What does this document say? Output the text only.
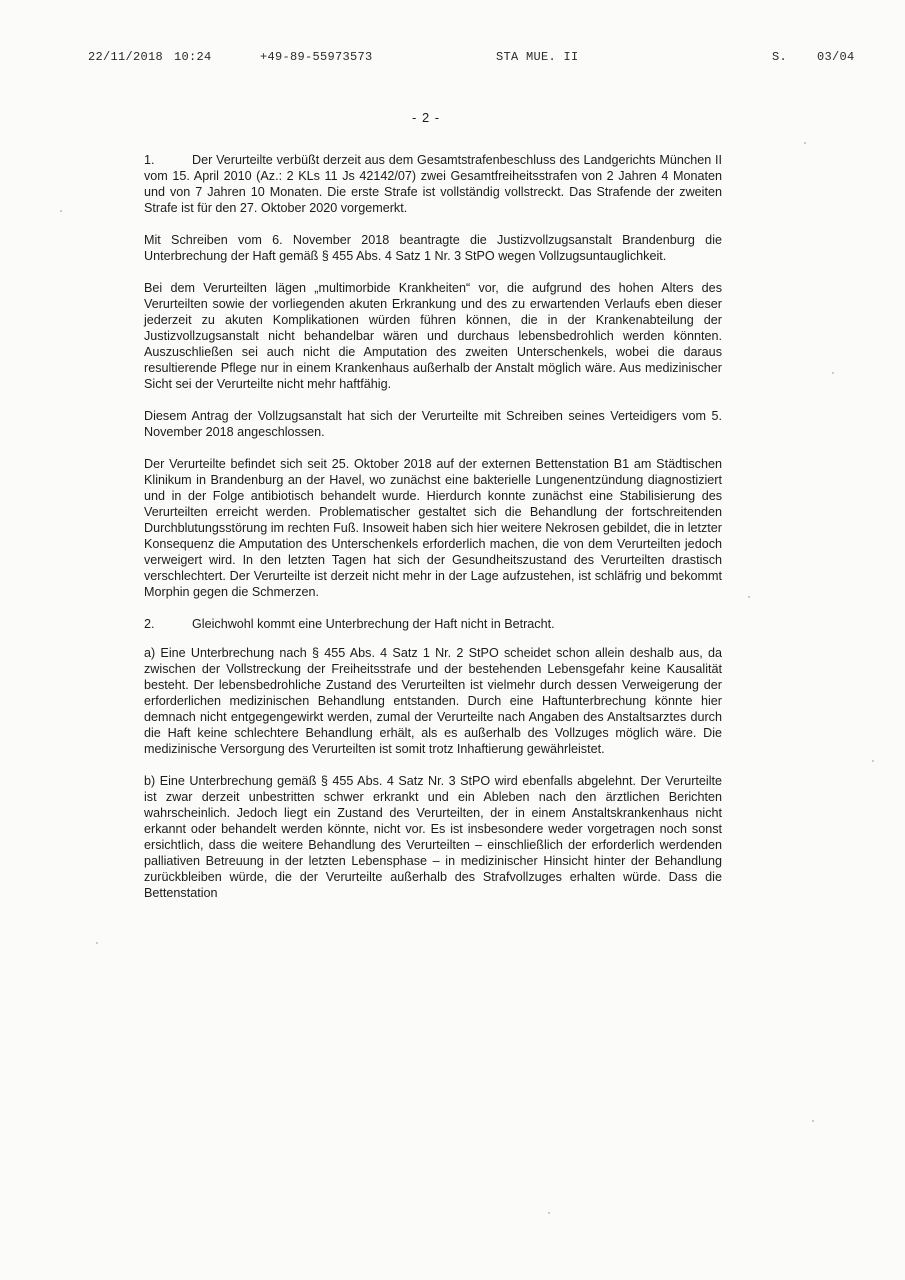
22/11/2018 10:24	+49-89-55973573	STA MUE. II	S. 03/04
- 2 -

1.	Der Verurteilte verbüßt derzeit aus dem Gesamtstrafenbeschluss des Landgerichts München II vom 15. April 2010 (Az.: 2 KLs 11 Js 42142/07) zwei Gesamtfreiheitsstrafen von 2 Jahren 4 Monaten und von 7 Jahren 10 Monaten. Die erste Strafe ist vollständig vollstreckt. Das Strafende der zweiten Strafe ist für den 27. Oktober 2020 vorgemerkt.

Mit Schreiben vom 6. November 2018 beantragte die Justizvollzugsanstalt Brandenburg die Unterbrechung der Haft gemäß § 455 Abs. 4 Satz 1 Nr. 3 StPO wegen Vollzugsuntauglichkeit.

Bei dem Verurteilten lägen „multimorbide Krankheiten“ vor, die aufgrund des hohen Alters des Verurteilten sowie der vorliegenden akuten Erkrankung und des zu erwartenden Verlaufs eben dieser jederzeit zu akuten Komplikationen würden führen können, die in der Krankenabteilung der Justizvollzugsanstalt nicht behandelbar wären und durchaus lebensbedrohlich werden könnten. Auszuschließen sei auch nicht die Amputation des zweiten Unterschenkels, wobei die daraus resultierende Pflege nur in einem Krankenhaus außerhalb der Anstalt möglich wäre. Aus medizinischer Sicht sei der Verurteilte nicht mehr haftfähig.

Diesem Antrag der Vollzugsanstalt hat sich der Verurteilte mit Schreiben seines Verteidigers vom 5. November 2018 angeschlossen.

Der Verurteilte befindet sich seit 25. Oktober 2018 auf der externen Bettenstation B1 am Städtischen Klinikum in Brandenburg an der Havel, wo zunächst eine bakterielle Lungenentzündung diagnostiziert und in der Folge antibiotisch behandelt wurde. Hierdurch konnte zunächst eine Stabilisierung des Verurteilten erreicht werden. Problematischer gestaltet sich die Behandlung der fortschreitenden Durchblutungsstörung im rechten Fuß. Insoweit haben sich hier weitere Nekrosen gebildet, die in letzter Konsequenz die Amputation des Unterschenkels erforderlich machen, die von dem Verurteilten jedoch verweigert wird. In den letzten Tagen hat sich der Gesundheitszustand des Verurteilten drastisch verschlechtert. Der Verurteilte ist derzeit nicht mehr in der Lage aufzustehen, ist schläfrig und bekommt Morphin gegen die Schmerzen.

2.	Gleichwohl kommt eine Unterbrechung der Haft nicht in Betracht.

a) Eine Unterbrechung nach § 455 Abs. 4 Satz 1 Nr. 2 StPO scheidet schon allein deshalb aus, da zwischen der Vollstreckung der Freiheitsstrafe und der bestehenden Lebensgefahr keine Kausalität besteht. Der lebensbedrohliche Zustand des Verurteilten ist vielmehr durch dessen Verweigerung der erforderlichen medizinischen Behandlung entstanden. Durch eine Haftunterbrechung könnte hier demnach nicht entgegengewirkt werden, zumal der Verurteilte nach Angaben des Anstaltsarztes durch die Haft keine schlechtere Behandlung erhält, als es außerhalb des Vollzuges möglich wäre. Die medizinische Versorgung des Verurteilten ist somit trotz Inhaftierung gewährleistet.

b) Eine Unterbrechung gemäß § 455 Abs. 4 Satz Nr. 3 StPO wird ebenfalls abgelehnt. Der Verurteilte ist zwar derzeit unbestritten schwer erkrankt und ein Ableben nach den ärztlichen Berichten wahrscheinlich. Jedoch liegt ein Zustand des Verurteilten, der in einem Anstaltskrankenhaus nicht erkannt oder behandelt werden könnte, nicht vor. Es ist insbesondere weder vorgetragen noch sonst ersichtlich, dass die weitere Behandlung des Verurteilten – einschließlich der erforderlich werdenden palliativen Betreuung in der letzten Lebensphase – in medizinischer Hinsicht hinter der Behandlung zurückbleiben würde, die der Verurteilte außerhalb des Strafvollzuges erhalten würde. Dass die Bettenstation
